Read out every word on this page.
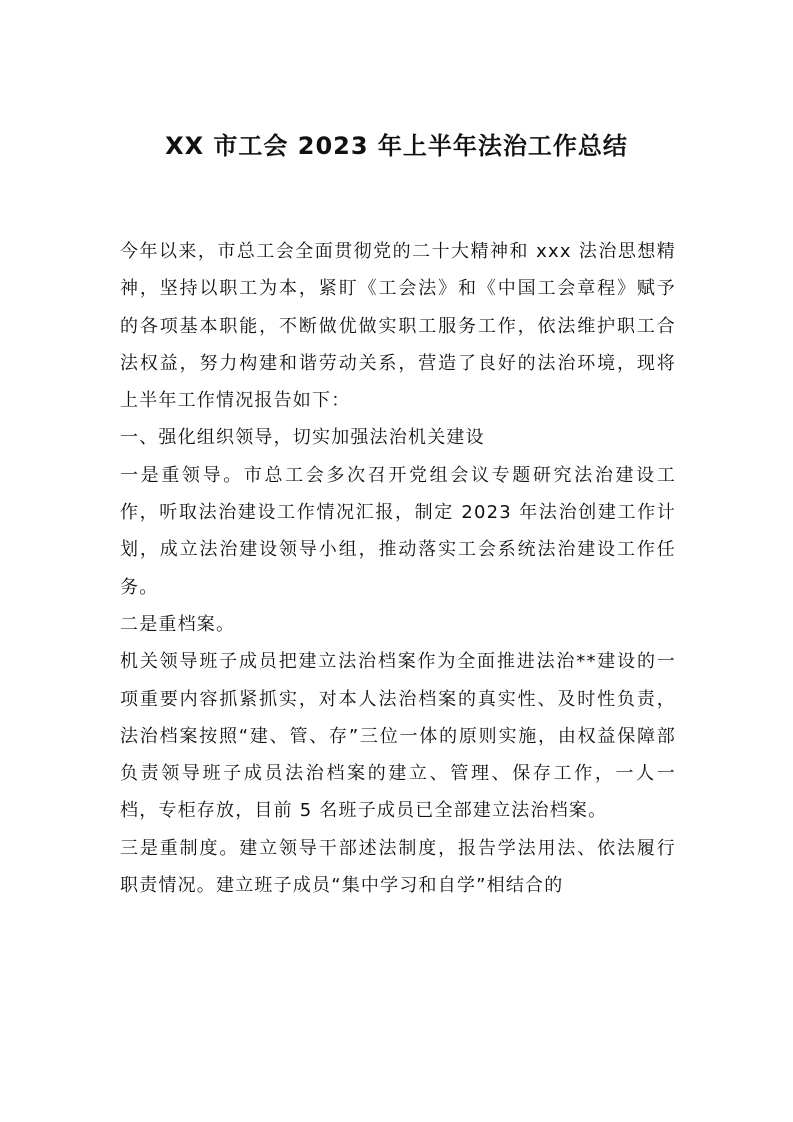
XX 市工会 2023 年上半年法治工作总结

今年以来，市总工会全面贯彻党的二十大精神和 xxx 法治思想精神，坚持以职工为本，紧盯《工会法》和《中国工会章程》赋予的各项基本职能，不断做优做实职工服务工作，依法维护职工合法权益，努力构建和谐劳动关系，营造了良好的法治环境，现将上半年工作情况报告如下：

一、强化组织领导，切实加强法治机关建设

一是重领导。市总工会多次召开党组会议专题研究法治建设工作，听取法治建设工作情况汇报，制定 2023 年法治创建工作计划，成立法治建设领导小组，推动落实工会系统法治建设工作任务。

二是重档案。

机关领导班子成员把建立法治档案作为全面推进法治**建设的一项重要内容抓紧抓实，对本人法治档案的真实性、及时性负责，法治档案按照“建、管、存”三位一体的原则实施，由权益保障部负责领导班子成员法治档案的建立、管理、保存工作，一人一档，专柜存放，目前 5 名班子成员已全部建立法治档案。

三是重制度。建立领导干部述法制度，报告学法用法、依法履行职责情况。建立班子成员“集中学习和自学”相结合的
